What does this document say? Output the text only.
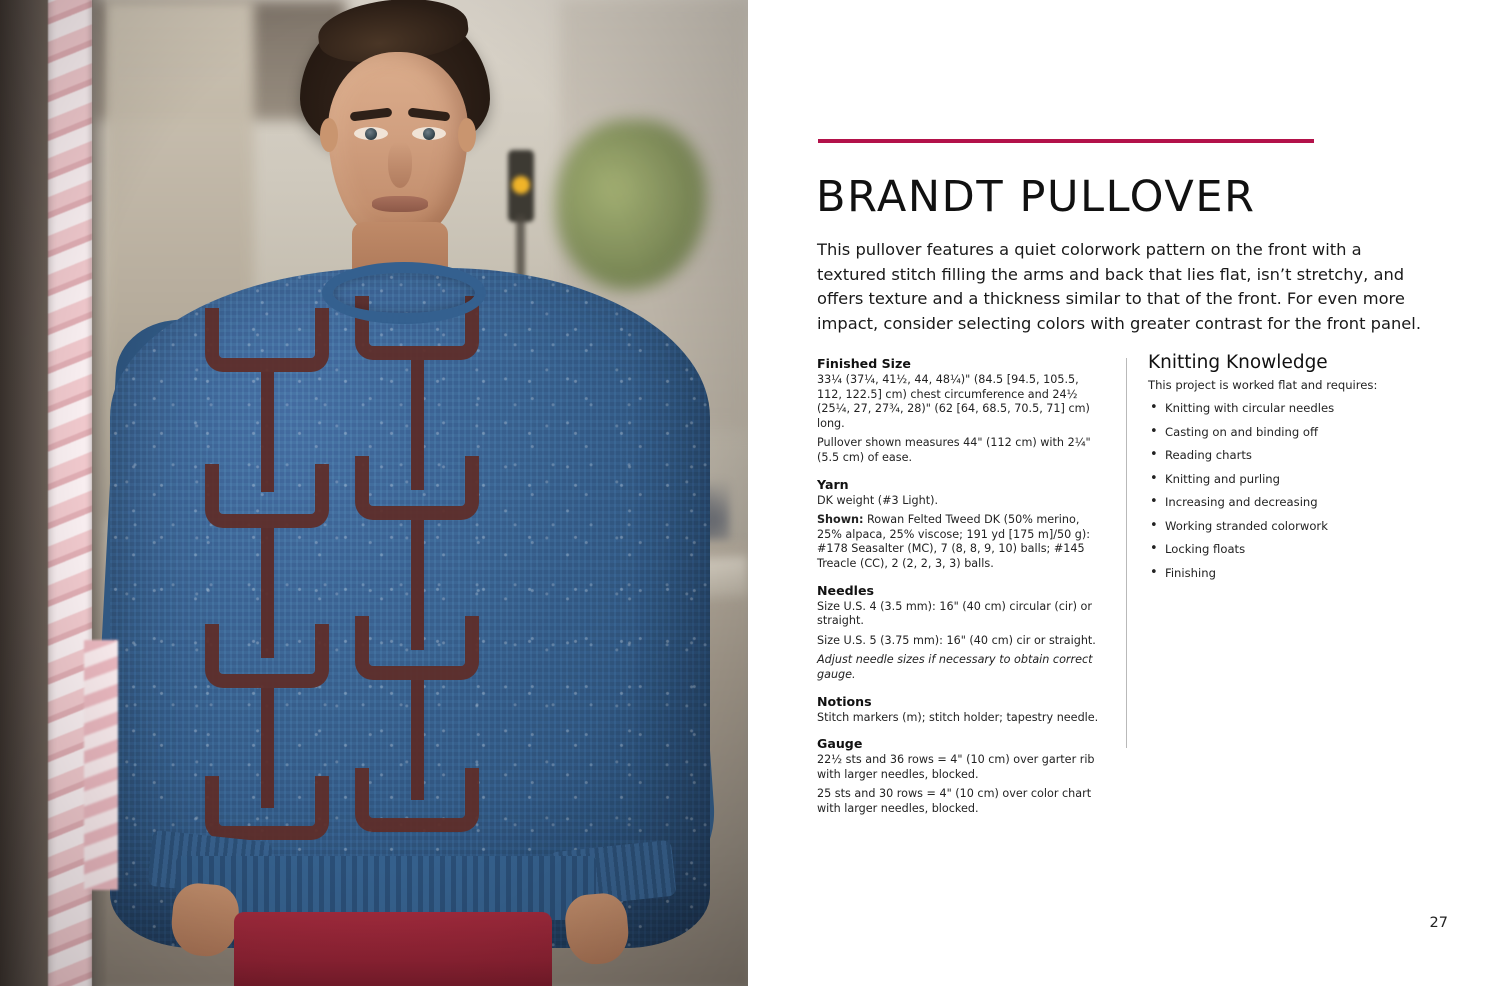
BRANDT PULLOVER

This pullover features a quiet colorwork pattern on the front with a textured stitch filling the arms and back that lies flat, isn’t stretchy, and offers texture and a thickness similar to that of the front. For even more impact, consider selecting colors with greater contrast for the front panel.

Finished Size

33¼ (37¼, 41½, 44, 48¼)" (84.5 [94.5, 105.5, 112, 122.5] cm) chest circumference and 24½ (25¼, 27, 27¾, 28)" (62 [64, 68.5, 70.5, 71] cm) long.

Pullover shown measures 44" (112 cm) with 2¼" (5.5 cm) of ease.

Yarn

DK weight (#3 Light).

Shown: Rowan Felted Tweed DK (50% merino, 25% alpaca, 25% viscose; 191 yd [175 m]/50 g): #178 Seasalter (MC), 7 (8, 8, 9, 10) balls; #145 Treacle (CC), 2 (2, 2, 3, 3) balls.

Needles

Size U.S. 4 (3.5 mm): 16" (40 cm) circular (cir) or straight.

Size U.S. 5 (3.75 mm): 16" (40 cm) cir or straight.

Adjust needle sizes if necessary to obtain correct gauge.

Notions

Stitch markers (m); stitch holder; tapestry needle.

Gauge

22½ sts and 36 rows = 4" (10 cm) over garter rib with larger needles, blocked.

25 sts and 30 rows = 4" (10 cm) over color chart with larger needles, blocked.

Knitting Knowledge

This project is worked flat and requires:

• Knitting with circular needles
• Casting on and binding off
• Reading charts
• Knitting and purling
• Increasing and decreasing
• Working stranded colorwork
• Locking floats
• Finishing
27
